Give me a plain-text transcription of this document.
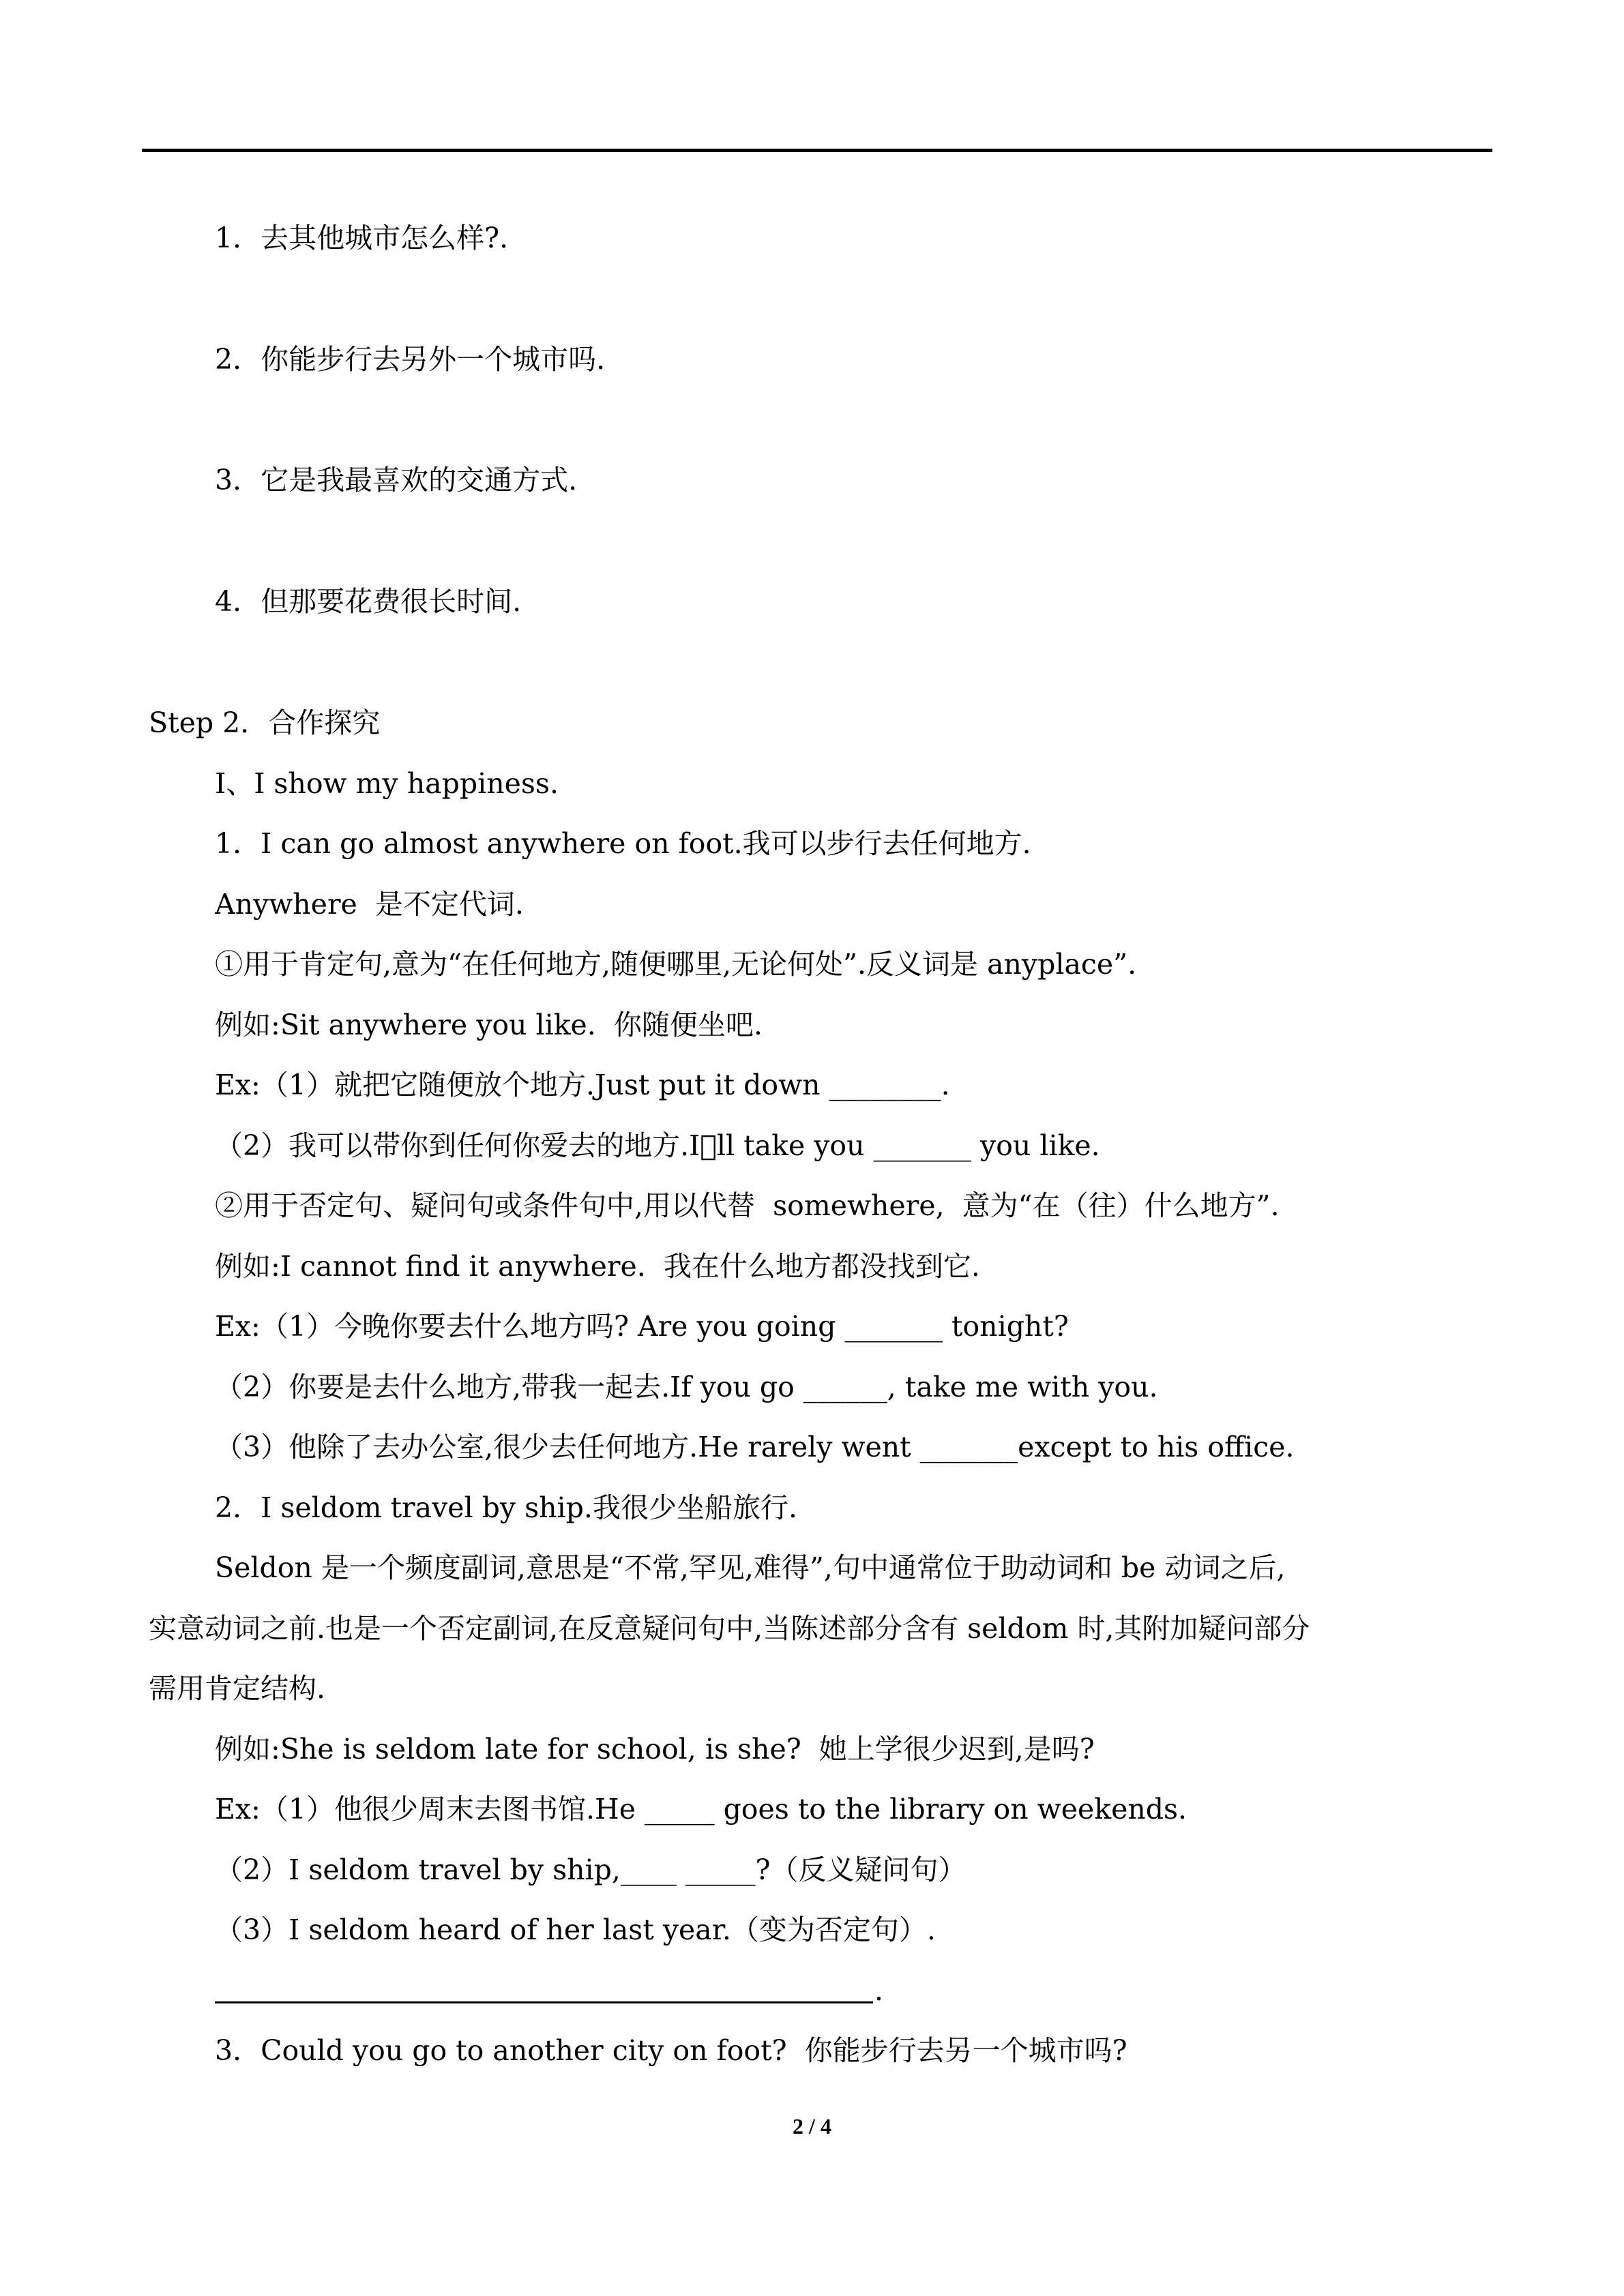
1．去其他城市怎么样?.
2．你能步行去另外一个城市吗.
3．它是我最喜欢的交通方式.
4．但那要花费很长时间.
Step 2．合作探究
Ⅰ、I show my happiness.
1．I can go almost anywhere on foot.我可以步行去任何地方.
Anywhere  是不定代词.
①用于肯定句,意为“在任何地方,随便哪里,无论何处”.反义词是 anyplace”.
例如:Sit anywhere you like.  你随便坐吧.
Ex:（1）就把它随便放个地方.Just put it down ________.
（2）我可以带你到任何你爱去的地方.I ll take you _______ you like.
②用于否定句、疑问句或条件句中,用以代替  somewhere,  意为“在（往）什么地方”.
例如:I cannot find it anywhere.  我在什么地方都没找到它.
Ex:（1）今晚你要去什么地方吗? Are you going _______ tonight?
（2）你要是去什么地方,带我一起去.If you go ______, take me with you.
（3）他除了去办公室,很少去任何地方.He rarely went _______except to his office.
2．I seldom travel by ship.我很少坐船旅行.
Seldon 是一个频度副词,意思是“不常,罕见,难得”,句中通常位于助动词和 be 动词之后,
实意动词之前.也是一个否定副词,在反意疑问句中,当陈述部分含有 seldom 时,其附加疑问部分
需用肯定结构.
例如:She is seldom late for school, is she?  她上学很少迟到,是吗?
Ex:（1）他很少周末去图书馆.He _____ goes to the library on weekends.
（2）I seldom travel by ship,____ _____?（反义疑问句）
（3）I seldom heard of her last year.（变为否定句）.
.
3．Could you go to another city on foot?  你能步行去另一个城市吗?
2 / 4
